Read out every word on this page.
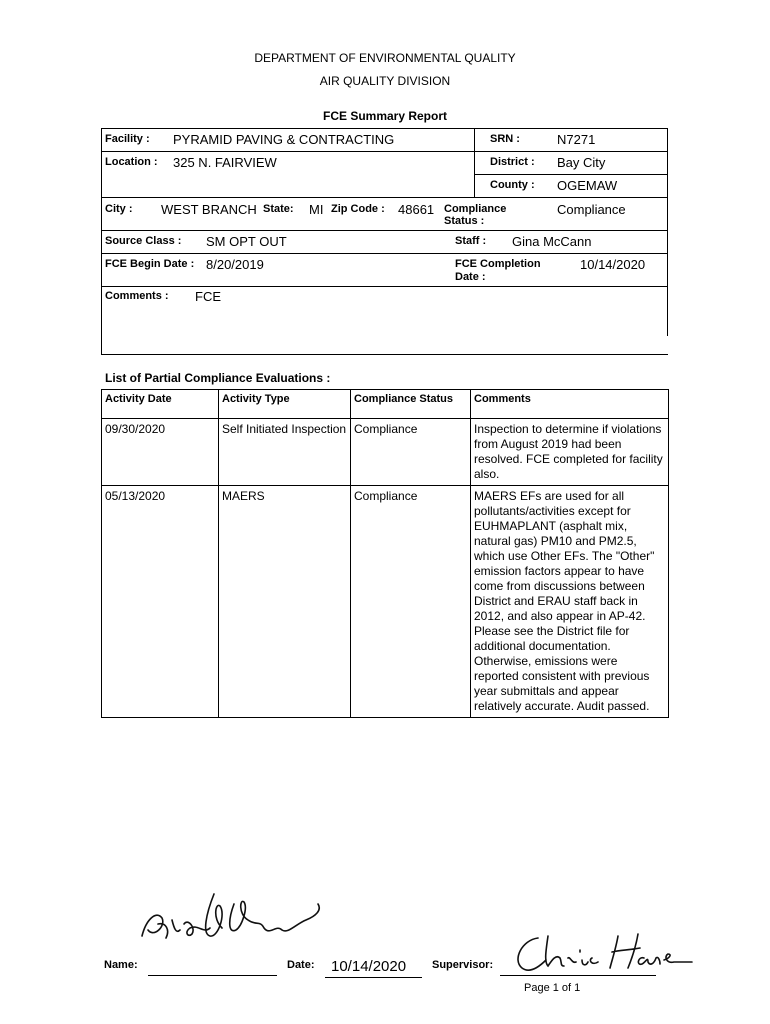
DEPARTMENT OF ENVIRONMENTAL QUALITY
AIR QUALITY DIVISION
FCE Summary Report
Facility : PYRAMID PAVING & CONTRACTING	SRN :	N7271
Location : 325 N. FAIRVIEW	District : Bay City
County : OGEMAW
City : WEST BRANCH State: MI Zip Code : 48661 Compliance
Status :
Compliance
Source Class : SM OPT OUT	Staff : Gina McCann
FCE Begin Date : 8/20/2019	FCE Completion
Date :
10/14/2020
Comments : FCE
List of Partial Compliance Evaluations :
Activity Date	Activity Type	Compliance Status	Comments
09/30/2020	Self Initiated Inspection	Compliance	Inspection to determine if violations from August 2019 had been resolved. FCE completed for facility also.
05/13/2020	MAERS	Compliance	MAERS EFs are used for all pollutants/activities except for EUHMAPLANT (asphalt mix, natural gas) PM10 and PM2.5, which use Other EFs. The "Other" emission factors appear to have come from discussions between District and ERAU staff back in 2012, and also appear in AP-42. Please see the District file for additional documentation. Otherwise, emissions were reported consistent with previous year submittals and appear relatively accurate. Audit passed.
Name:	Date: 10/14/2020 Supervisor:
Page 1 of 1
